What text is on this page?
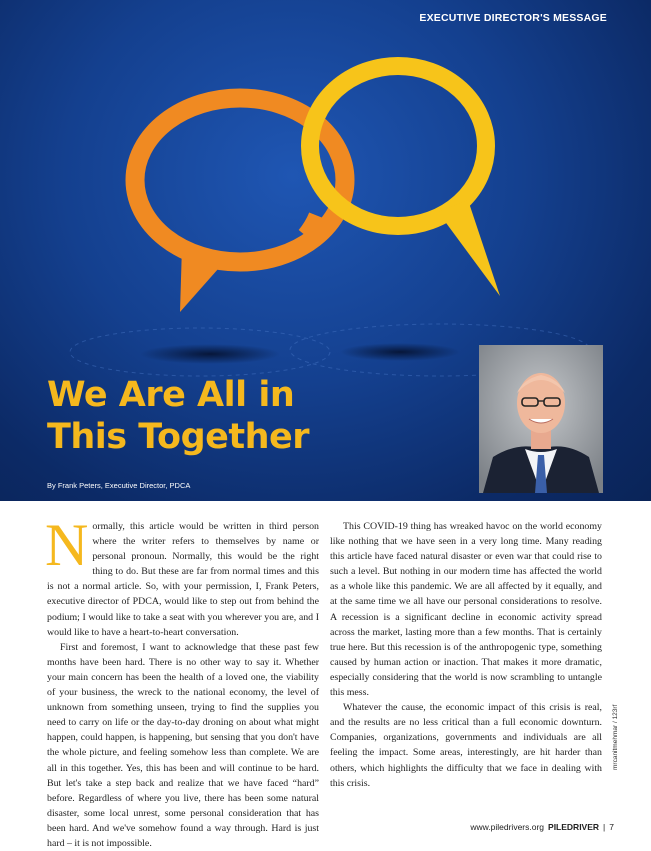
EXECUTIVE DIRECTOR'S MESSAGE
We Are All in
This Together
By Frank Peters, Executive Director, PDCA

Normally, this article would be written in third person where the writer refers to themselves by name or personal pronoun. Normally, this would be the right thing to do. But these are far from normal times and this is not a normal article. So, with your permission, I, Frank Peters, executive director of PDCA, would like to step out from behind the podium; I would like to take a seat with you wherever you are, and I would like to have a heart-to-heart conversation.

First and foremost, I want to acknowledge that these past few months have been hard. There is no other way to say it. Whether your main concern has been the health of a loved one, the viability of your business, the wreck to the national economy, the level of unknown from something unseen, trying to find the supplies you need to carry on life or the day-to-day droning on about what might happen, could happen, is happening, but sensing that you don't have the whole picture, and feeling somehow less than complete. We are all in this together. Yes, this has been and will continue to be hard. But let's take a step back and realize that we have faced “hard” before. Regardless of where you live, there has been some natural disaster, some local unrest, some personal consideration that has been hard. And we've somehow found a way through. Hard is just hard – it is not impossible.

This COVID-19 thing has wreaked havoc on the world economy like nothing that we have seen in a very long time. Many reading this article have faced natural disaster or even war that could rise to such a level. But nothing in our modern time has affected the world as a whole like this pandemic. We are all affected by it equally, and at the same time we all have our personal considerations to resolve. A recession is a significant decline in economic activity spread across the market, lasting more than a few months. That is certainly true here. But this recession is of the anthropogenic type, something caused by human action or inaction. That makes it more dramatic, especially considering that the world is now scrambling to untangle this mess.

Whatever the cause, the economic impact of this crisis is real, and the results are no less critical than a full economic downturn. Companies, organizations, governments and individuals are all feeling the impact. Some areas, interestingly, are hit harder than others, which highlights the difficulty that we face in dealing with this crisis.

mrcanitmehmar / 123rf
www.piledrivers.org PILEDRIVER | 7
